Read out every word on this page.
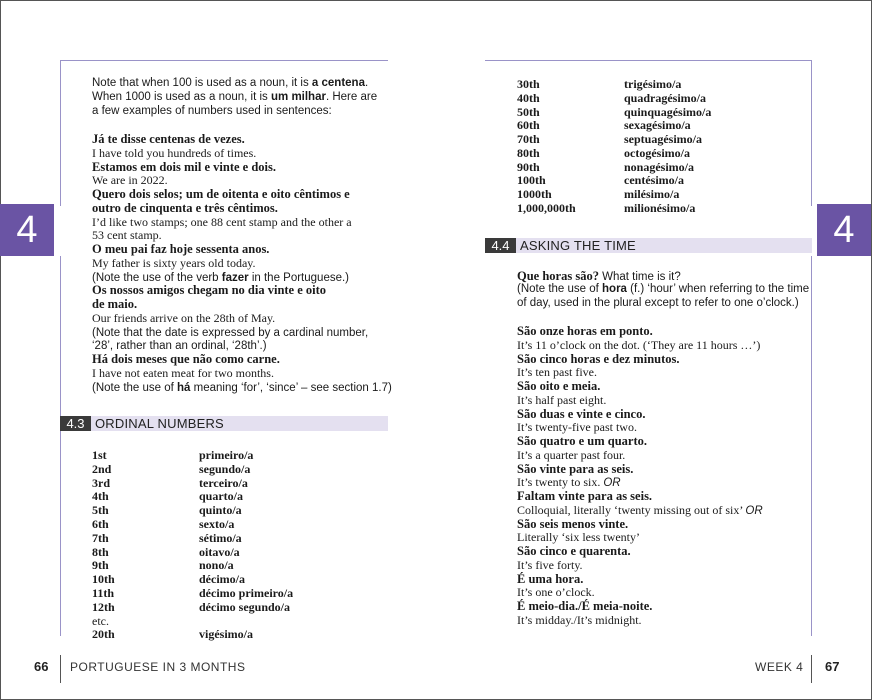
4	4
Note that when 100 is used as a noun, it is a centena. When 1000 is used as a noun, it is um milhar. Here are a few examples of numbers used in sentences:
Já te disse centenas de vezes.
I have told you hundreds of times.
Estamos em dois mil e vinte e dois.
We are in 2022.
Quero dois selos; um de oitenta e oito cêntimos e
outro de cinquenta e três cêntimos.
I’d like two stamps; one 88 cent stamp and the other a
53 cent stamp.
O meu pai faz hoje sessenta anos.
My father is sixty years old today.
(Note the use of the verb fazer in the Portuguese.)
Os nossos amigos chegam no dia vinte e oito
de maio.
Our friends arrive on the 28th of May.
(Note that the date is expressed by a cardinal number,
‘28’, rather than an ordinal, ‘28th’.)
Há dois meses que não como carne.
I have not eaten meat for two months.
(Note the use of há meaning ‘for’, ‘since’ – see section 1.7)
4.3 ORDINAL NUMBERS
1st	primeiro/a
2nd	segundo/a
3rd	terceiro/a
4th	quarto/a
5th	quinto/a
6th	sexto/a
7th	sétimo/a
8th	oitavo/a
9th	nono/a
10th	décimo/a
11th	décimo primeiro/a
12th	décimo segundo/a
etc.
20th	vigésimo/a
30th	trigésimo/a
40th	quadragésimo/a
50th	quinquagésimo/a
60th	sexagésimo/a
70th	septuagésimo/a
80th	octogésimo/a
90th	nonagésimo/a
100th	centésimo/a
1000th	milésimo/a
1,000,000th	milionésimo/a
4.4 ASKING THE TIME
Que horas são? What time is it?
(Note the use of hora (f.) ‘hour’ when referring to the time
of day, used in the plural except to refer to one o’clock.)
São onze horas em ponto.
It’s 11 o’clock on the dot. (‘They are 11 hours …’)
São cinco horas e dez minutos.
It’s ten past five.
São oito e meia.
It’s half past eight.
São duas e vinte e cinco.
It’s twenty-five past two.
São quatro e um quarto.
It’s a quarter past four.
São vinte para as seis.
It’s twenty to six. OR
Faltam vinte para as seis.
Colloquial, literally ‘twenty missing out of six’ OR
São seis menos vinte.
Literally ‘six less twenty’
São cinco e quarenta.
It’s five forty.
É uma hora.
It’s one o’clock.
É meio-dia./É meia-noite.
It’s midday./It’s midnight.
66 PORTUGUESE IN 3 MONTHS	WEEK 4 67
